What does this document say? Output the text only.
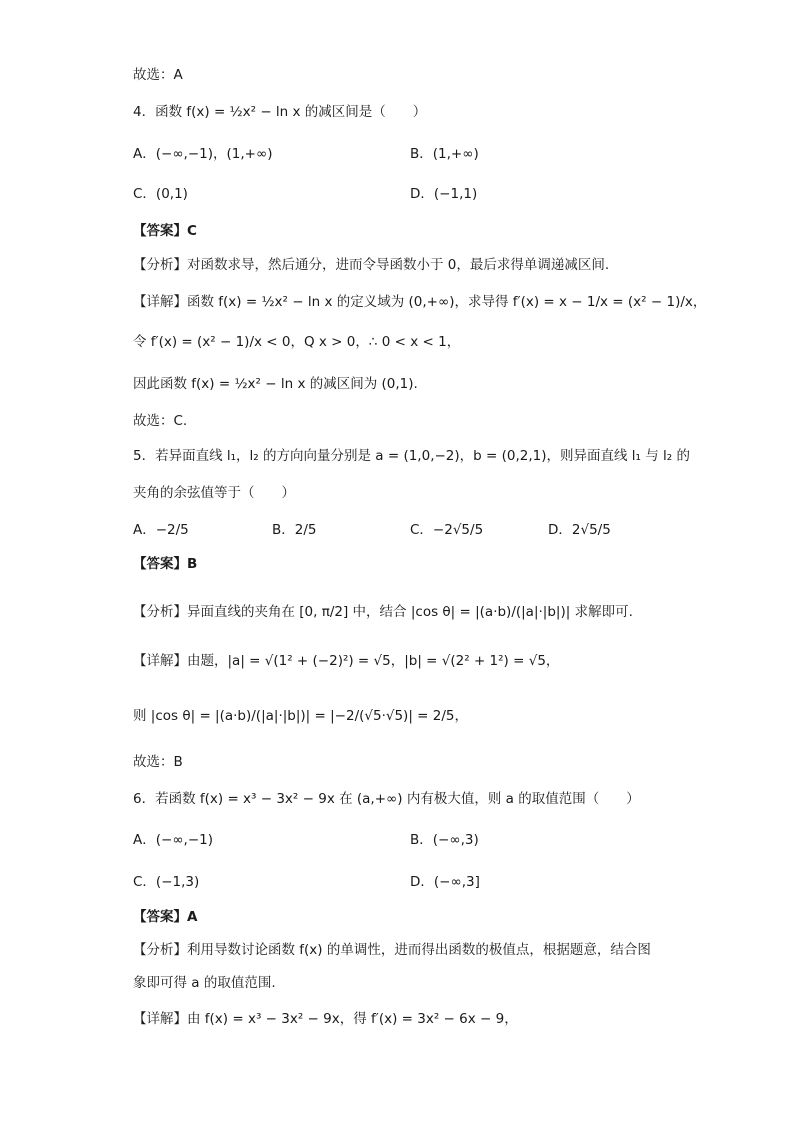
故选：A
4．函数 f(x) = ½x² − ln x 的减区间是（　　）
A．(−∞,−1)，(1,+∞)	B．(1,+∞)
C．(0,1)	D．(−1,1)
【答案】C
【分析】对函数求导，然后通分，进而令导函数小于 0，最后求得单调递减区间.
【详解】函数 f(x) = ½x² − ln x 的定义域为 (0,+∞)，求导得 f′(x) = x − 1/x = (x² − 1)/x，
令 f′(x) = (x² − 1)/x < 0，Q x > 0，∴ 0 < x < 1，
因此函数 f(x) = ½x² − ln x 的减区间为 (0,1).
故选：C.
5．若异面直线 l₁，l₂ 的方向向量分别是 a = (1,0,−2)，b = (0,2,1)，则异面直线 l₁ 与 l₂ 的
夹角的余弦值等于（　　）
A．−2/5	B．2/5	C．−2√5/5	D．2√5/5
【答案】B
【分析】异面直线的夹角在 [0, π/2] 中，结合 |cos θ| = |(a·b)/(|a|·|b|)| 求解即可.
【详解】由题，|a| = √(1² + (−2)²) = √5，|b| = √(2² + 1²) = √5，
则 |cos θ| = |(a·b)/(|a|·|b|)| = |−2/(√5·√5)| = 2/5，
故选：B
6．若函数 f(x) = x³ − 3x² − 9x 在 (a,+∞) 内有极大值，则 a 的取值范围（　　）
A．(−∞,−1)	B．(−∞,3)
C．(−1,3)	D．(−∞,3]
【答案】A
【分析】利用导数讨论函数 f(x) 的单调性，进而得出函数的极值点，根据题意，结合图
象即可得 a 的取值范围.
【详解】由 f(x) = x³ − 3x² − 9x，得 f′(x) = 3x² − 6x − 9，
